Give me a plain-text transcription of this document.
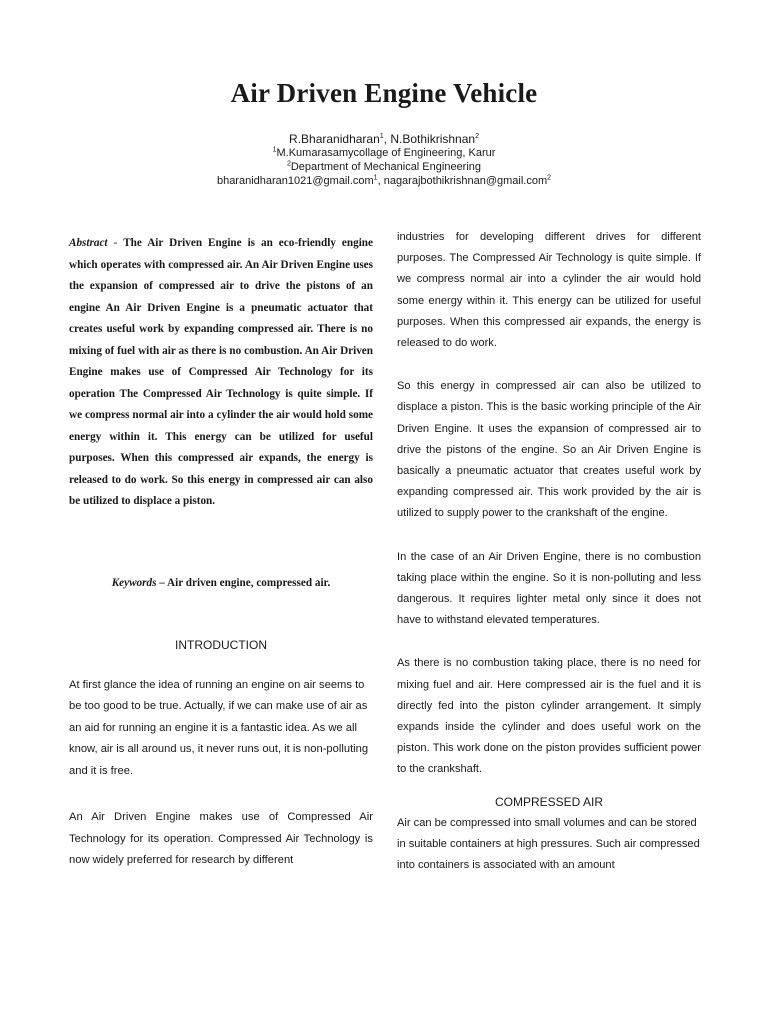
Air Driven Engine Vehicle
R.Bharanidharan$^1$, N.Bothikrishnan$^2$
$^1$M.Kumarasamycollage of Engineering, Karur
$^2$Department of Mechanical Engineering
bharanidharan1021@gmail.com$^1$, nagarajbothikrishnan@gmail.com$^2$

Abstract - The Air Driven Engine is an eco-friendly engine which operates with compressed air. An Air Driven Engine uses the expansion of compressed air to drive the pistons of an engine An Air Driven Engine is a pneumatic actuator that creates useful work by expanding compressed air. There is no mixing of fuel with air as there is no combustion. An Air Driven Engine makes use of Compressed Air Technology for its operation The Compressed Air Technology is quite simple. If we compress normal air into a cylinder the air would hold some energy within it. This energy can be utilized for useful purposes. When this compressed air expands, the energy is released to do work. So this energy in compressed air can also be utilized to displace a piston.

Keywords – Air driven engine, compressed air.

INTRODUCTION

At first glance the idea of running an engine on air seems to be too good to be true. Actually, if we can make use of air as an aid for running an engine it is a fantastic idea. As we all know, air is all around us, it never runs out, it is non-polluting and it is free.

An Air Driven Engine makes use of Compressed Air Technology for its operation. Compressed Air Technology is now widely preferred for research by different

industries for developing different drives for different purposes. The Compressed Air Technology is quite simple. If we compress normal air into a cylinder the air would hold some energy within it. This energy can be utilized for useful purposes. When this compressed air expands, the energy is released to do work.

So this energy in compressed air can also be utilized to displace a piston. This is the basic working principle of the Air Driven Engine. It uses the expansion of compressed air to drive the pistons of the engine. So an Air Driven Engine is basically a pneumatic actuator that creates useful work by expanding compressed air. This work provided by the air is utilized to supply power to the crankshaft of the engine.

In the case of an Air Driven Engine, there is no combustion taking place within the engine. So it is non-polluting and less dangerous. It requires lighter metal only since it does not have to withstand elevated temperatures.

As there is no combustion taking place, there is no need for mixing fuel and air. Here compressed air is the fuel and it is directly fed into the piston cylinder arrangement. It simply expands inside the cylinder and does useful work on the piston. This work done on the piston provides sufficient power to the crankshaft.

COMPRESSED AIR

Air can be compressed into small volumes and can be stored in suitable containers at high pressures. Such air compressed into containers is associated with an amount
